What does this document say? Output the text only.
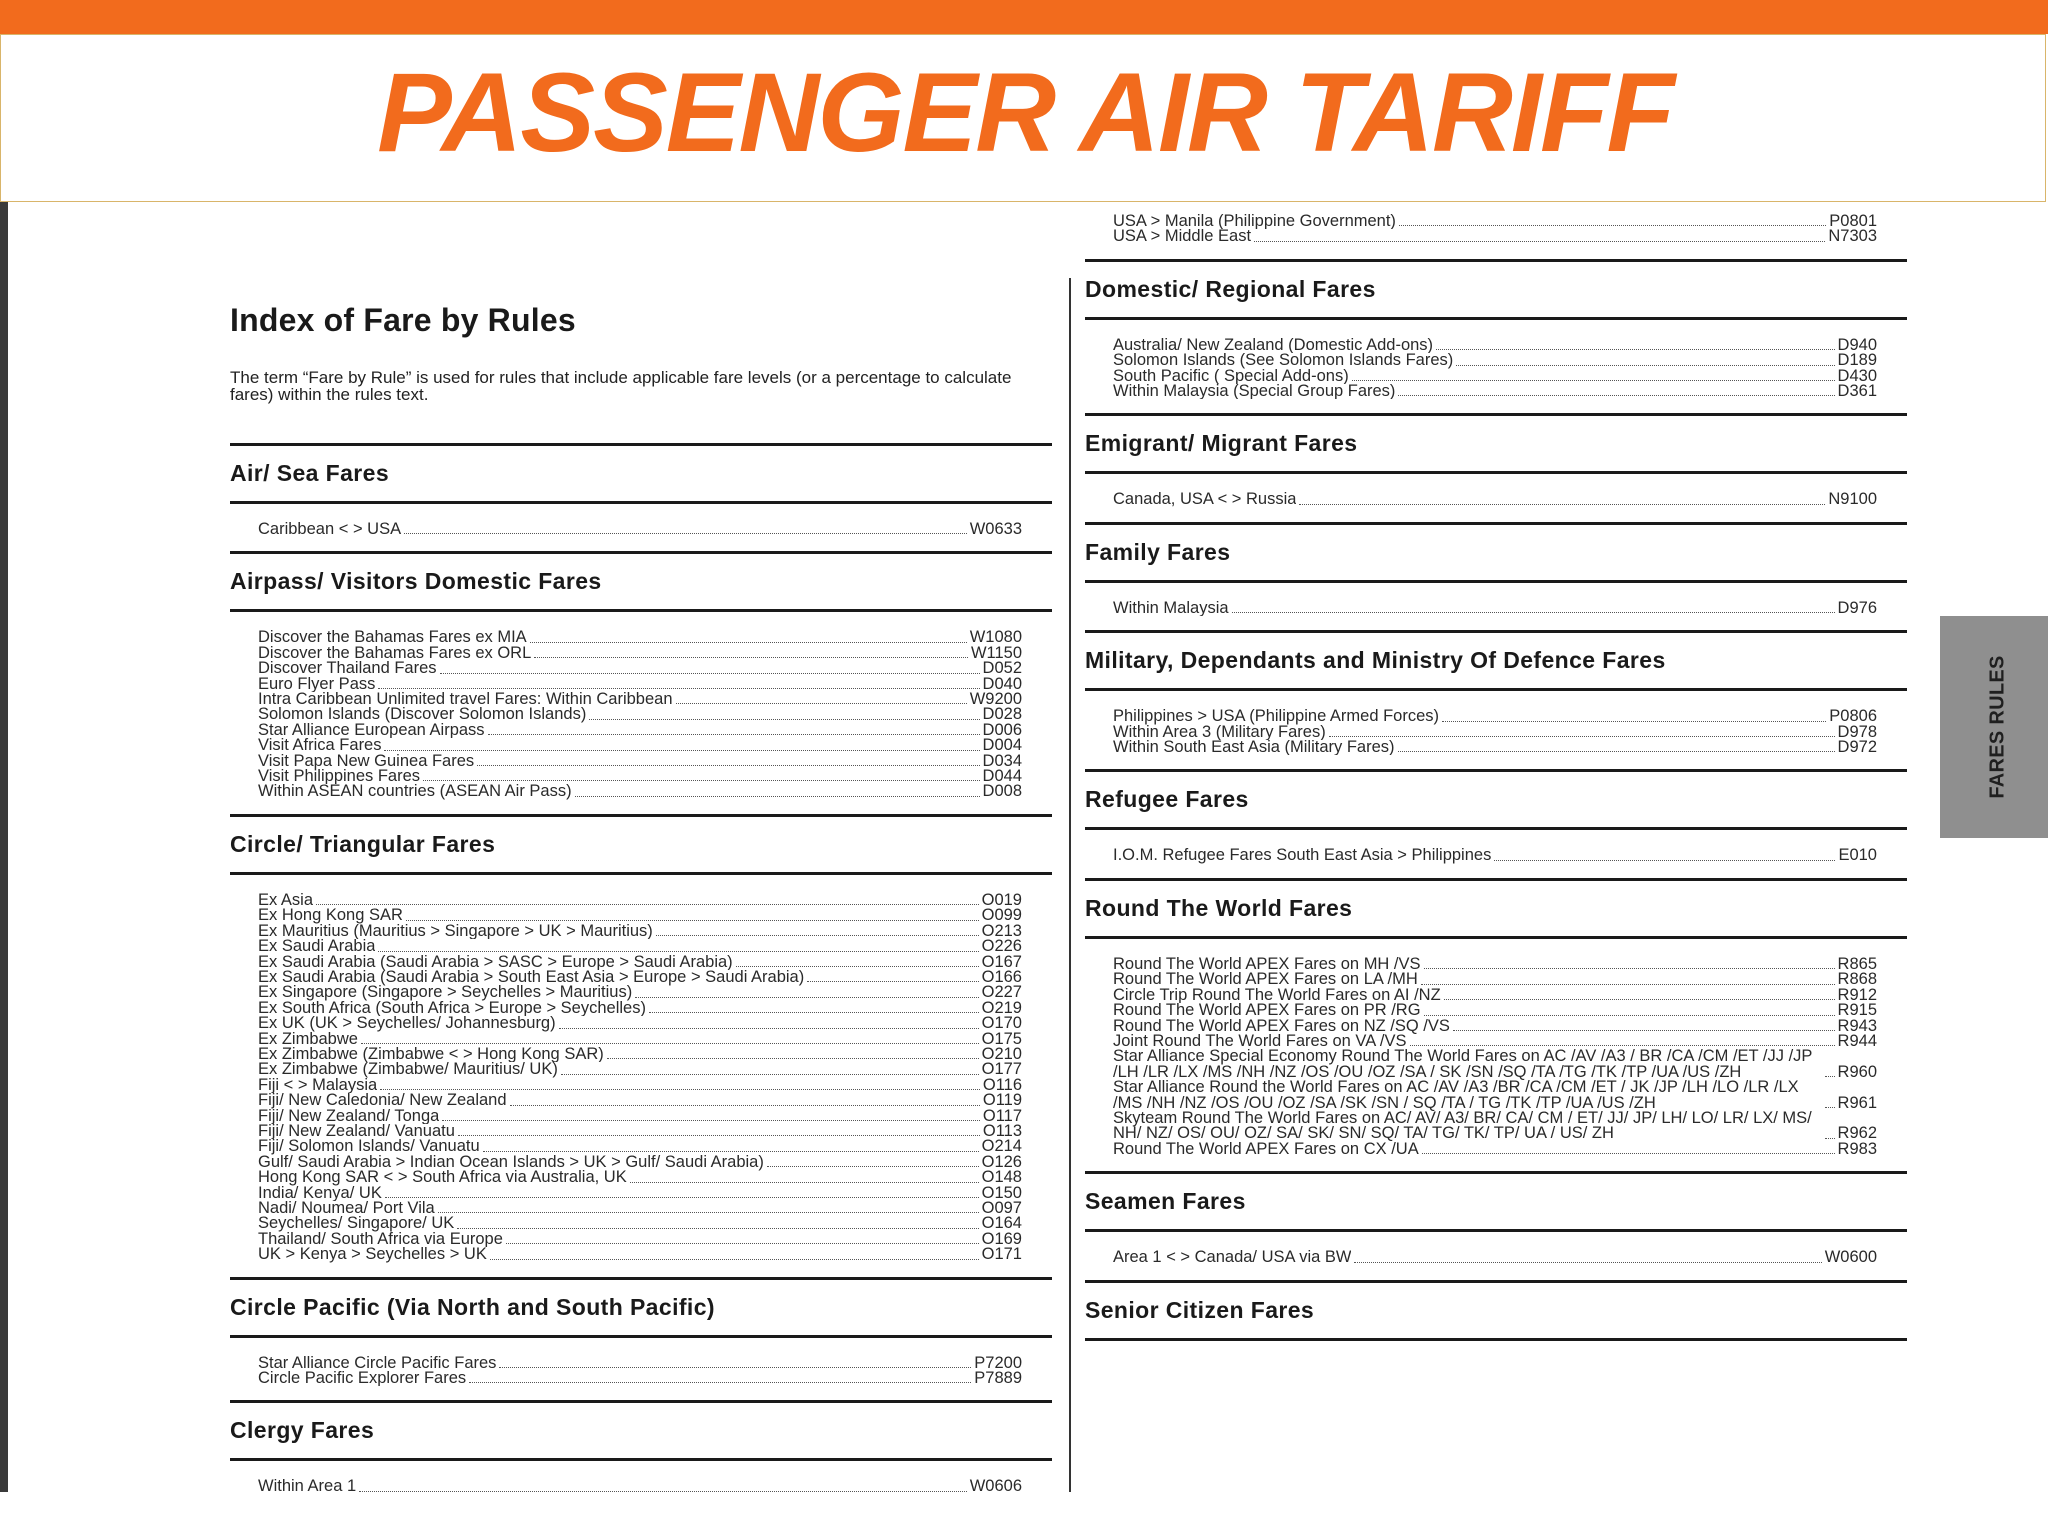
PASSENGER AIR TARIFF
Index of Fare by Rules
The term “Fare by Rule” is used for rules that include applicable fare levels (or a percentage to calculate fares) within the rules text.
Air/ Sea Fares
Caribbean < > USA	W0633
Airpass/ Visitors Domestic Fares
Discover the Bahamas Fares ex MIA	W1080
Discover the Bahamas Fares ex ORL	W1150
Discover Thailand Fares	D052
Euro Flyer Pass	D040
Intra Caribbean Unlimited travel Fares: Within Caribbean	W9200
Solomon Islands (Discover Solomon Islands)	D028
Star Alliance European Airpass	D006
Visit Africa Fares	D004
Visit Papa New Guinea Fares	D034
Visit Philippines Fares	D044
Within ASEAN countries (ASEAN Air Pass)	D008
Circle/ Triangular Fares
Ex Asia	O019
Ex Hong Kong SAR	O099
Ex Mauritius (Mauritius > Singapore > UK > Mauritius)	O213
Ex Saudi Arabia	O226
Ex Saudi Arabia (Saudi Arabia > SASC > Europe > Saudi Arabia)	O167
Ex Saudi Arabia (Saudi Arabia > South East Asia > Europe > Saudi Arabia)	O166
Ex Singapore (Singapore > Seychelles > Mauritius)	O227
Ex South Africa (South Africa > Europe > Seychelles)	O219
Ex UK (UK > Seychelles/ Johannesburg)	O170
Ex Zimbabwe	O175
Ex Zimbabwe (Zimbabwe < > Hong Kong SAR)	O210
Ex Zimbabwe (Zimbabwe/ Mauritius/ UK)	O177
Fiji < > Malaysia	O116
Fiji/ New Caledonia/ New Zealand	O119
Fiji/ New Zealand/ Tonga	O117
Fiji/ New Zealand/ Vanuatu	O113
Fiji/ Solomon Islands/ Vanuatu	O214
Gulf/ Saudi Arabia > Indian Ocean Islands > UK > Gulf/ Saudi Arabia)	O126
Hong Kong SAR < > South Africa via Australia, UK	O148
India/ Kenya/ UK	O150
Nadi/ Noumea/ Port Vila	O097
Seychelles/ Singapore/ UK	O164
Thailand/ South Africa via Europe	O169
UK > Kenya > Seychelles > UK	O171
Circle Pacific (Via North and South Pacific)
Star Alliance Circle Pacific Fares	P7200
Circle Pacific Explorer Fares	P7889
Clergy Fares
Within Area 1	W0606
USA > Manila (Philippine Government)	P0801
USA > Middle East	N7303
Domestic/ Regional Fares
Australia/ New Zealand (Domestic Add-ons)	D940
Solomon Islands (See Solomon Islands Fares)	D189
South Pacific ( Special Add-ons)	D430
Within Malaysia (Special Group Fares)	D361
Emigrant/ Migrant Fares
Canada, USA < > Russia	N9100
Family Fares
Within Malaysia	D976
Military, Dependants and Ministry Of Defence Fares
Philippines > USA (Philippine Armed Forces)	P0806
Within Area 3 (Military Fares)	D978
Within South East Asia (Military Fares)	D972
Refugee Fares
I.O.M. Refugee Fares South East Asia > Philippines	E010
Round The World Fares
Round The World APEX Fares on MH /VS	R865
Round The World APEX Fares on LA /MH	R868
Circle Trip Round The World Fares on AI /NZ	R912
Round The World APEX Fares on PR /RG	R915
Round The World APEX Fares on NZ /SQ /VS	R943
Joint Round The World Fares on VA /VS	R944
Star Alliance Special Economy Round The World Fares on AC /AV /A3 / BR /CA /CM /ET /JJ /JP /LH /LR /LX /MS /NH /NZ /OS /OU /OZ /SA / SK /SN /SQ /TA /TG /TK /TP /UA /US /ZH	R960
Star Alliance Round the World Fares on AC /AV /A3 /BR /CA /CM /ET / JK /JP /LH /LO /LR /LX /MS /NH /NZ /OS /OU /OZ /SA /SK /SN / SQ /TA / TG /TK /TP /UA /US /ZH	R961
Skyteam Round The World Fares on AC/ AV/ A3/ BR/ CA/ CM / ET/ JJ/ JP/ LH/ LO/ LR/ LX/ MS/ NH/ NZ/ OS/ OU/ OZ/ SA/ SK/ SN/ SQ/ TA/ TG/ TK/ TP/ UA / US/ ZH	R962
Round The World APEX Fares on CX /UA	R983
Seamen Fares
Area 1 < > Canada/ USA via BW	W0600
Senior Citizen Fares
FARES RULES
